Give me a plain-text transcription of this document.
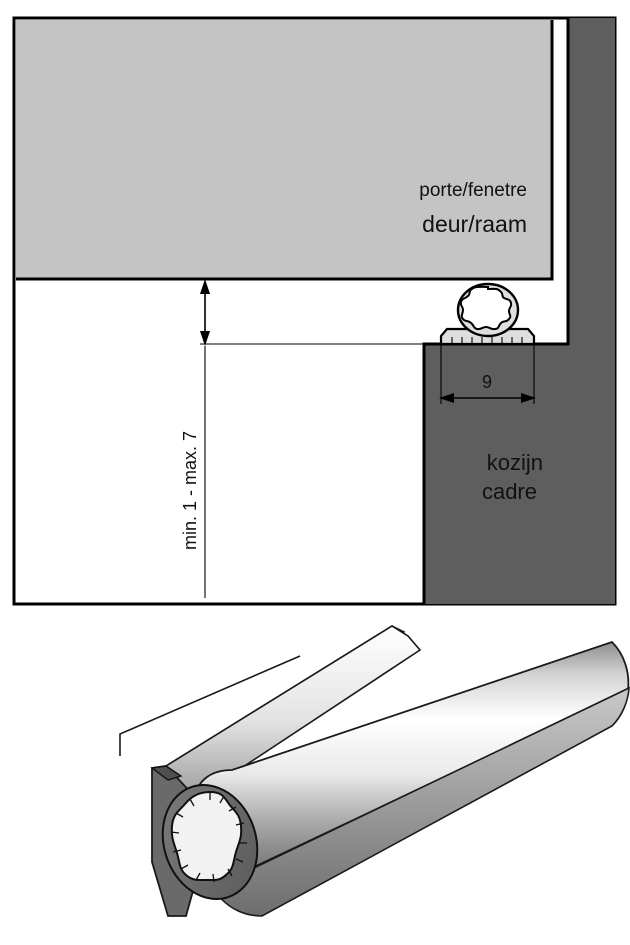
min. 1 - max. 7
9
porte/fenetre
deur/raam
kozijn
cadre
